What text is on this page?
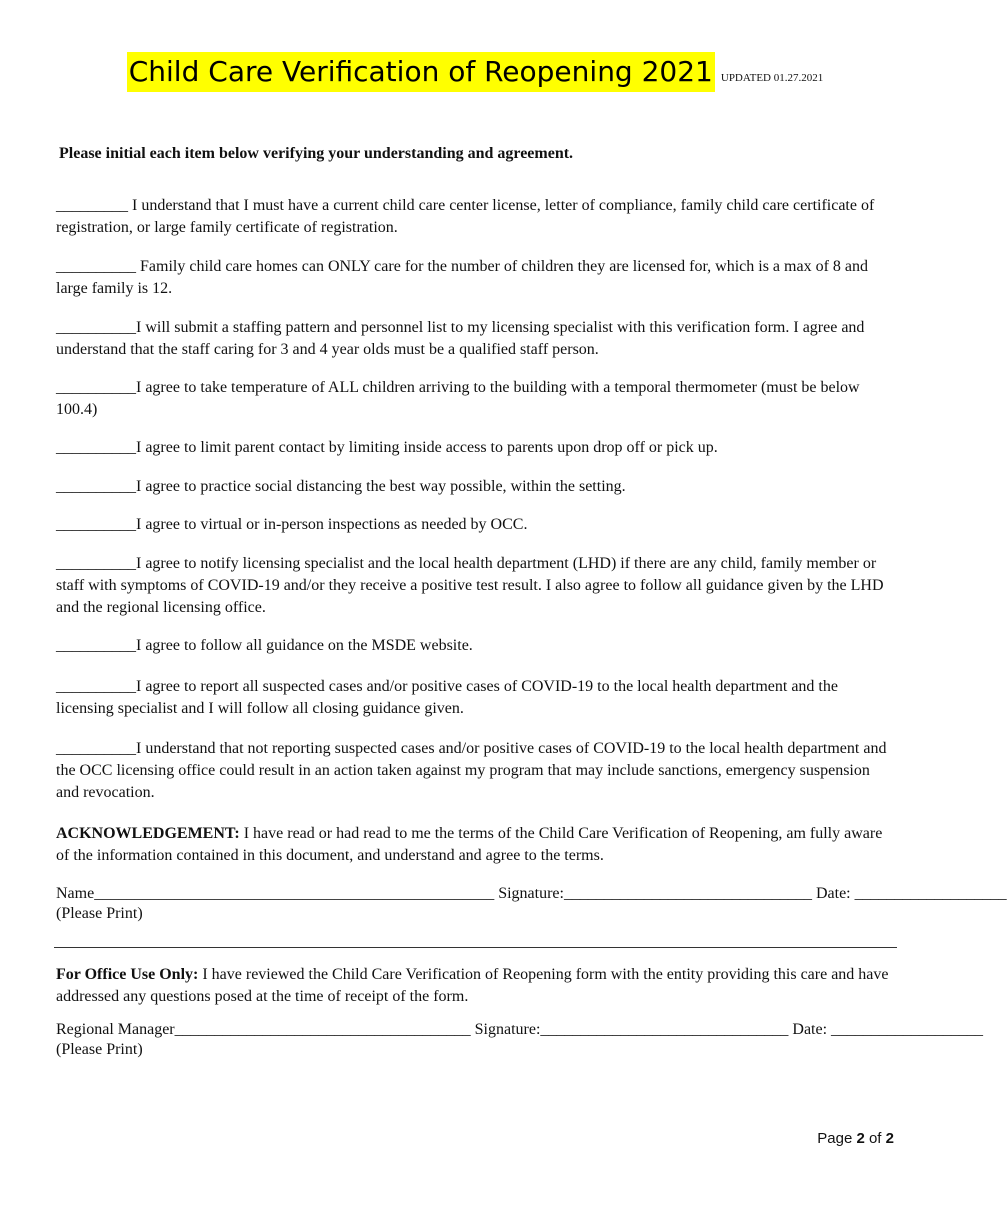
Child Care Verification of Reopening 2021 UPDATED 01.27.2021
Please initial each item below verifying your understanding and agreement.
_________ I understand that I must have a current child care center license, letter of compliance, family child care certificate of registration, or large family certificate of registration.
__________ Family child care homes can ONLY care for the number of children they are licensed for, which is a max of 8 and large family is 12.
__________I will submit a staffing pattern and personnel list to my licensing specialist with this verification form. I agree and understand that the staff caring for 3 and 4 year olds must be a qualified staff person.
__________I agree to take temperature of ALL children arriving to the building with a temporal thermometer (must be below 100.4)
__________I agree to limit parent contact by limiting inside access to parents upon drop off or pick up.
__________I agree to practice social distancing the best way possible, within the setting.
__________I agree to virtual or in-person inspections as needed by OCC.
__________I agree to notify licensing specialist and the local health department (LHD) if there are any child, family member or staff with symptoms of COVID-19 and/or they receive a positive test result. I also agree to follow all guidance given by the LHD and the regional licensing office.
__________I agree to follow all guidance on the MSDE website.
__________I agree to report all suspected cases and/or positive cases of COVID-19 to the local health department and the licensing specialist and I will follow all closing guidance given.
__________I understand that not reporting suspected cases and/or positive cases of COVID-19 to the local health department and the OCC licensing office could result in an action taken against my program that may include sanctions, emergency suspension and revocation.
ACKNOWLEDGEMENT: I have read or had read to me the terms of the Child Care Verification of Reopening, am fully aware of the information contained in this document, and understand and agree to the terms.
Name__________________________________________________ Signature:_______________________________ Date: ___________________
(Please Print)
For Office Use Only: I have reviewed the Child Care Verification of Reopening form with the entity providing this care and have addressed any questions posed at the time of receipt of the form.
Regional Manager_____________________________________ Signature:_______________________________ Date: ___________________
(Please Print)
Page 2 of 2
